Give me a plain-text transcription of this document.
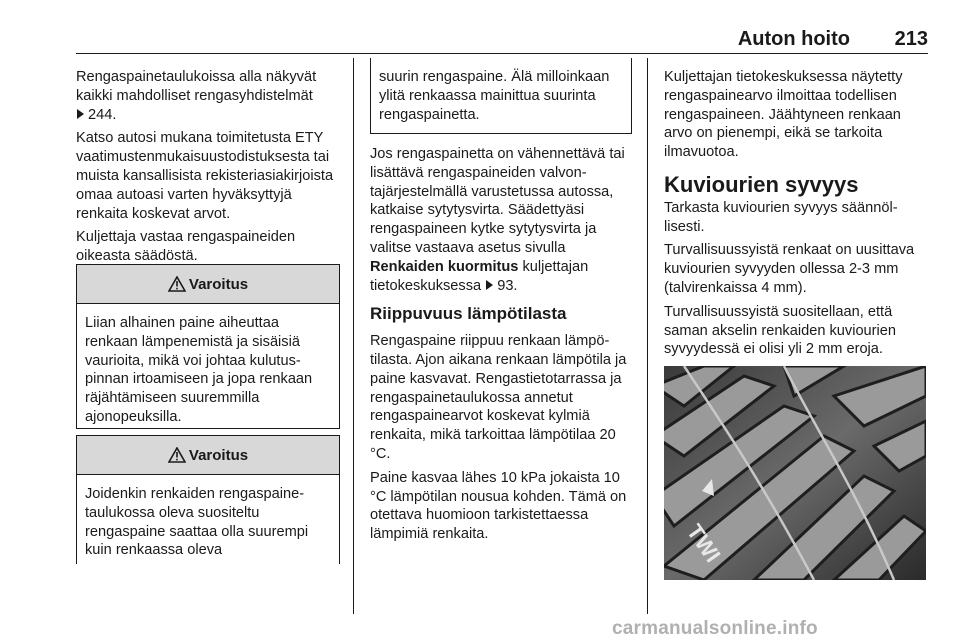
Auton hoito 213

Rengaspainetaulukoissa alla näkyvät kaikki mahdolliset rengasyhdistelmät
244.

Katso autosi mukana toimitetusta ETY vaatimustenmukaisuustodistuksesta tai muista kansallisista rekisteriasiakirjoista omaa autoasi varten hyväksyttyjä renkaita koskevat arvot.

Kuljettaja vastaa rengaspaineiden oikeasta säädöstä.

Varoitus
Liian alhainen paine aiheuttaa renkaan lämpenemistä ja sisäisiä vaurioita, mikä voi johtaa kulutuspinnan irtoamiseen ja jopa renkaan räjähtämiseen suuremmilla ajonopeuksilla.
Varoitus
Joidenkin renkaiden rengaspainetaulukossa oleva suositeltu rengaspaine saattaa olla suurempi kuin renkaassa oleva
suurin rengaspaine. Älä milloinkaan ylitä renkaassa mainittua suurinta rengaspainetta.

Jos rengaspainetta on vähennettävä tai lisättävä rengaspaineiden valvontajärjestelmällä varustetussa autossa, katkaise sytytysvirta. Säädettyäsi rengaspaineen kytke sytytysvirta ja valitse vastaava asetus sivulla Renkaiden kuormitus kuljettajan tietokeskuksessa 93.

Riippuvuus lämpötilasta

Rengaspaine riippuu renkaan lämpötilasta. Ajon aikana renkaan lämpötila ja paine kasvavat. Rengastietotarrassa ja rengaspainetaulukossa annetut rengaspainearvot koskevat kylmiä renkaita, mikä tarkoittaa lämpötilaa 20 °C.

Paine kasvaa lähes 10 kPa jokaista 10 °C lämpötilan nousua kohden. Tämä on otettava huomioon tarkistettaessa lämpimiä renkaita.

Kuljettajan tietokeskuksessa näytetty rengaspainearvo ilmoittaa todellisen rengaspaineen. Jäähtyneen renkaan arvo on pienempi, eikä se tarkoita ilmavuotoa.

Kuviourien syvyys

Tarkasta kuviourien syvyys säännöllisesti.

Turvallisuussyistä renkaat on uusittava kuviourien syvyyden ollessa 2-3 mm (talvirenkaissa 4 mm).

Turvallisuussyistä suositellaan, että saman akselin renkaiden kuviourien syvyydessä ei olisi yli 2 mm eroja.

TWI
carmanualsonline.info
